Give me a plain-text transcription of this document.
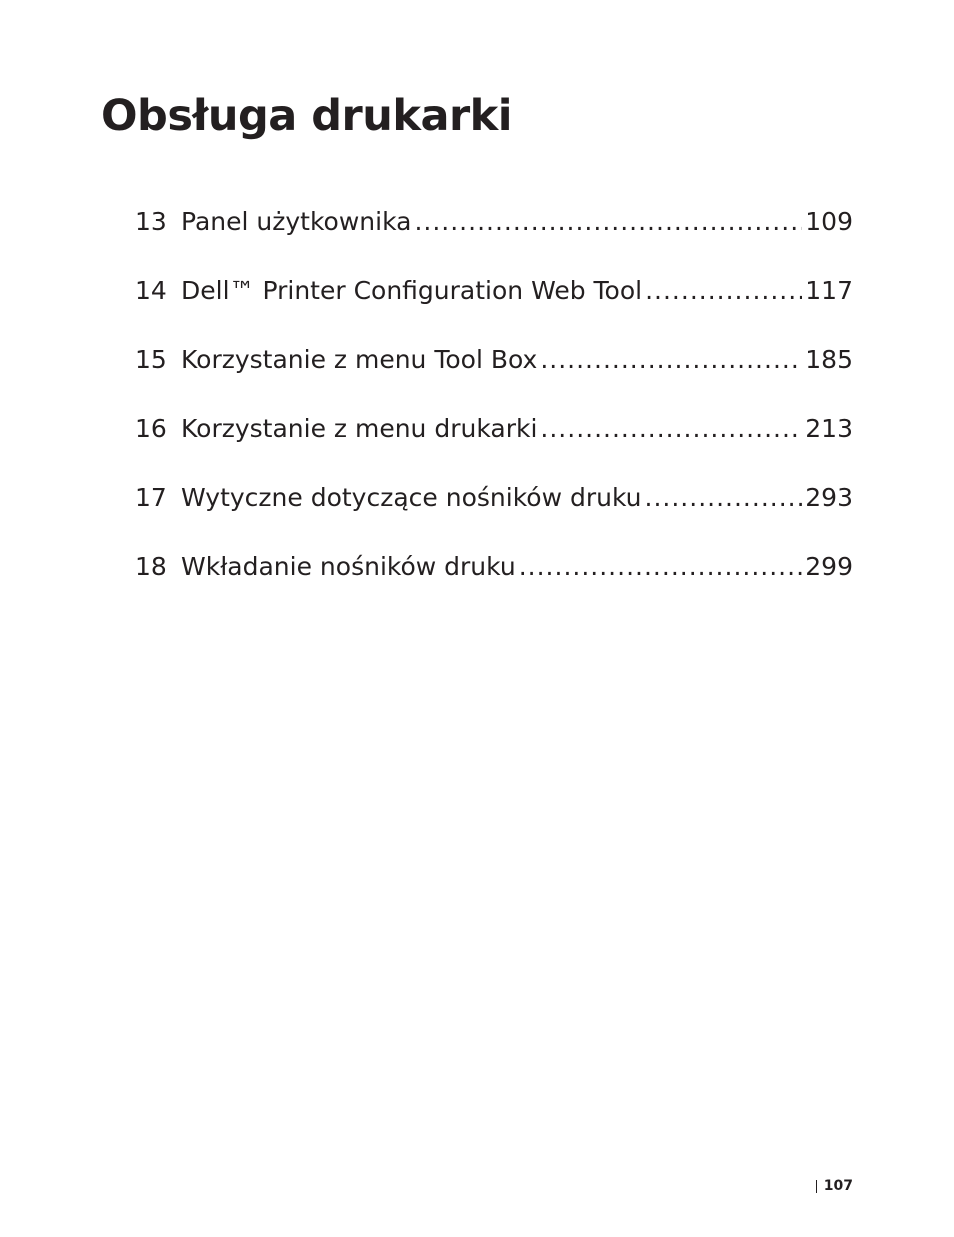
Obsługa drukarki
13 Panel użytkownika .....	109
14 Dell™ Printer Configuration Web Tool .....	117
15 Korzystanie z menu Tool Box .....	185
16 Korzystanie z menu drukarki .....	213
17 Wytyczne dotyczące nośników druku .....	293
18 Wkładanie nośników druku .....	299
107
